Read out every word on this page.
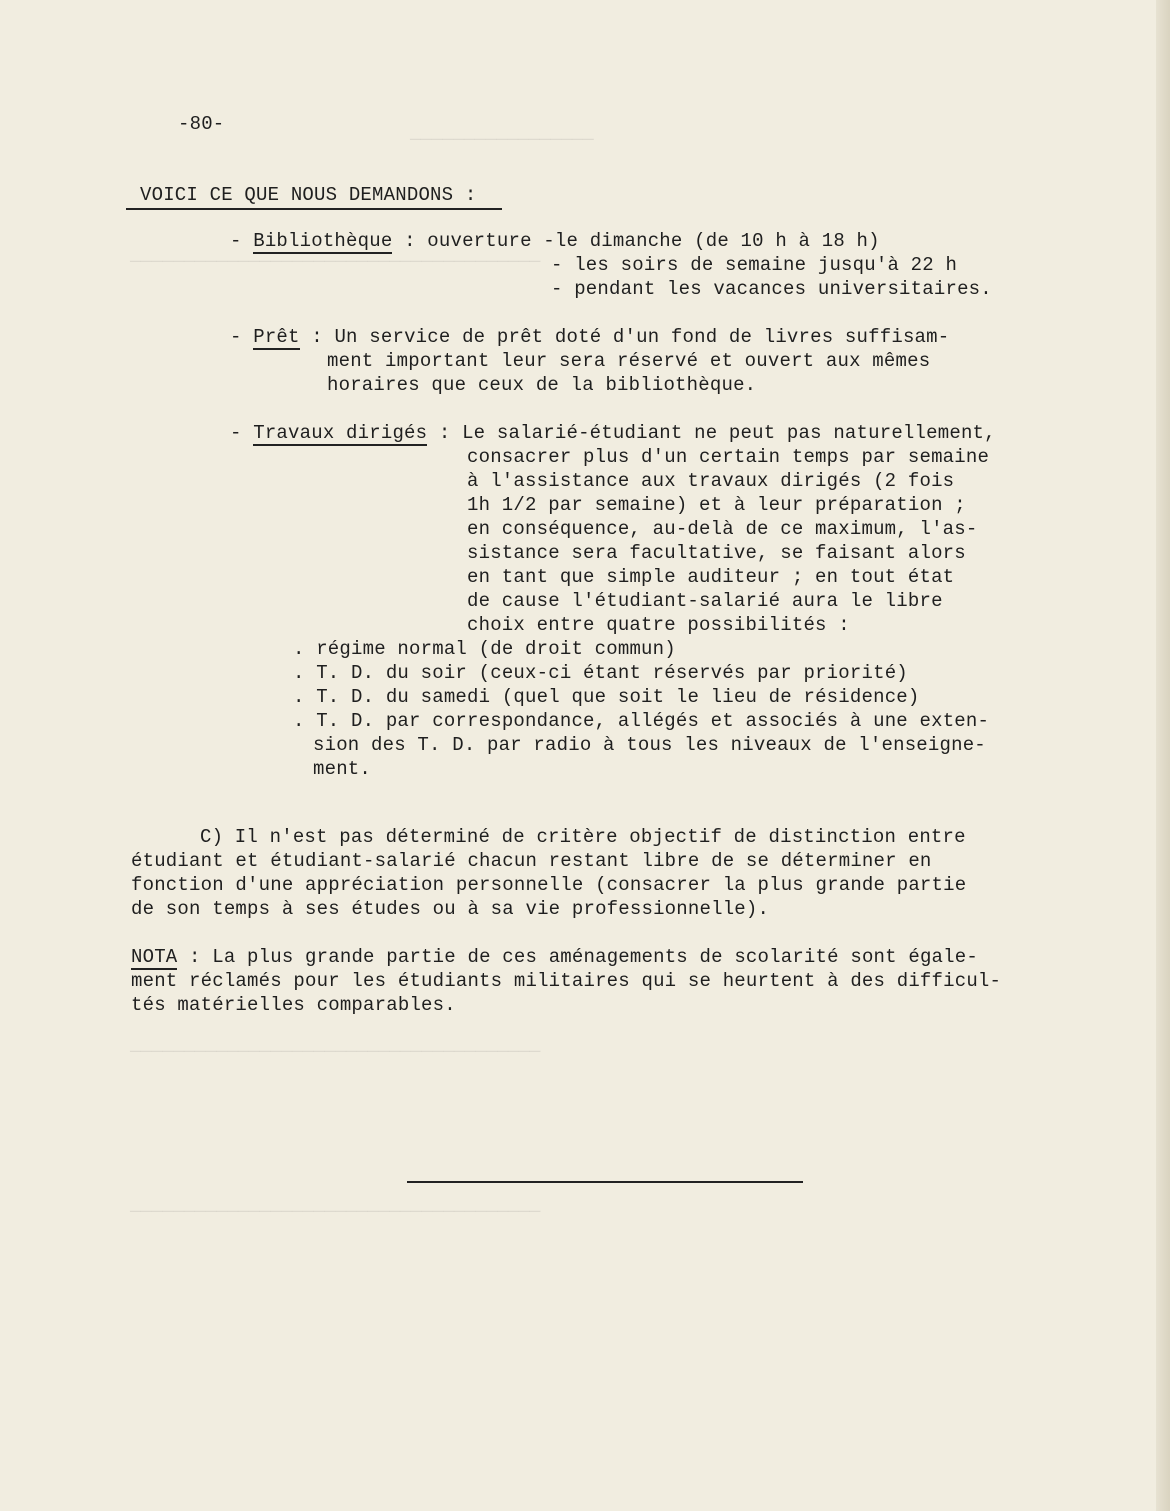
—————————————————
——————————————————————————————————————
——————————————————————————————————————
——————————————————————————————————————
-80-
VOICI CE QUE NOUS DEMANDONS :
- Bibliothèque : ouverture -le dimanche (de 10 h à 18 h)
- les soirs de semaine jusqu'à 22 h
- pendant les vacances universitaires.
- Prêt : Un service de prêt doté d'un fond de livres suffisam-
ment important leur sera réservé et ouvert aux mêmes
horaires que ceux de la bibliothèque.
- Travaux dirigés : Le salarié-étudiant ne peut pas naturellement,
consacrer plus d'un certain temps par semaine
à l'assistance aux travaux dirigés (2 fois
1h 1/2 par semaine) et à leur préparation ;
en conséquence, au-delà de ce maximum, l'as-
sistance sera facultative, se faisant alors
en tant que simple auditeur ; en tout état
de cause l'étudiant-salarié aura le libre
choix entre quatre possibilités :
. régime normal (de droit commun)
. T. D. du soir (ceux-ci étant réservés par priorité)
. T. D. du samedi (quel que soit le lieu de résidence)
. T. D. par correspondance, allégés et associés à une exten-
sion des T. D. par radio à tous les niveaux de l'enseigne-
ment.
C) Il n'est pas déterminé de critère objectif de distinction entre
étudiant et étudiant-salarié chacun restant libre de se déterminer en
fonction d'une appréciation personnelle (consacrer la plus grande partie
de son temps à ses études ou à sa vie professionnelle).
NOTA : La plus grande partie de ces aménagements de scolarité sont égale-
ment réclamés pour les étudiants militaires qui se heurtent à des difficul-
tés matérielles comparables.
